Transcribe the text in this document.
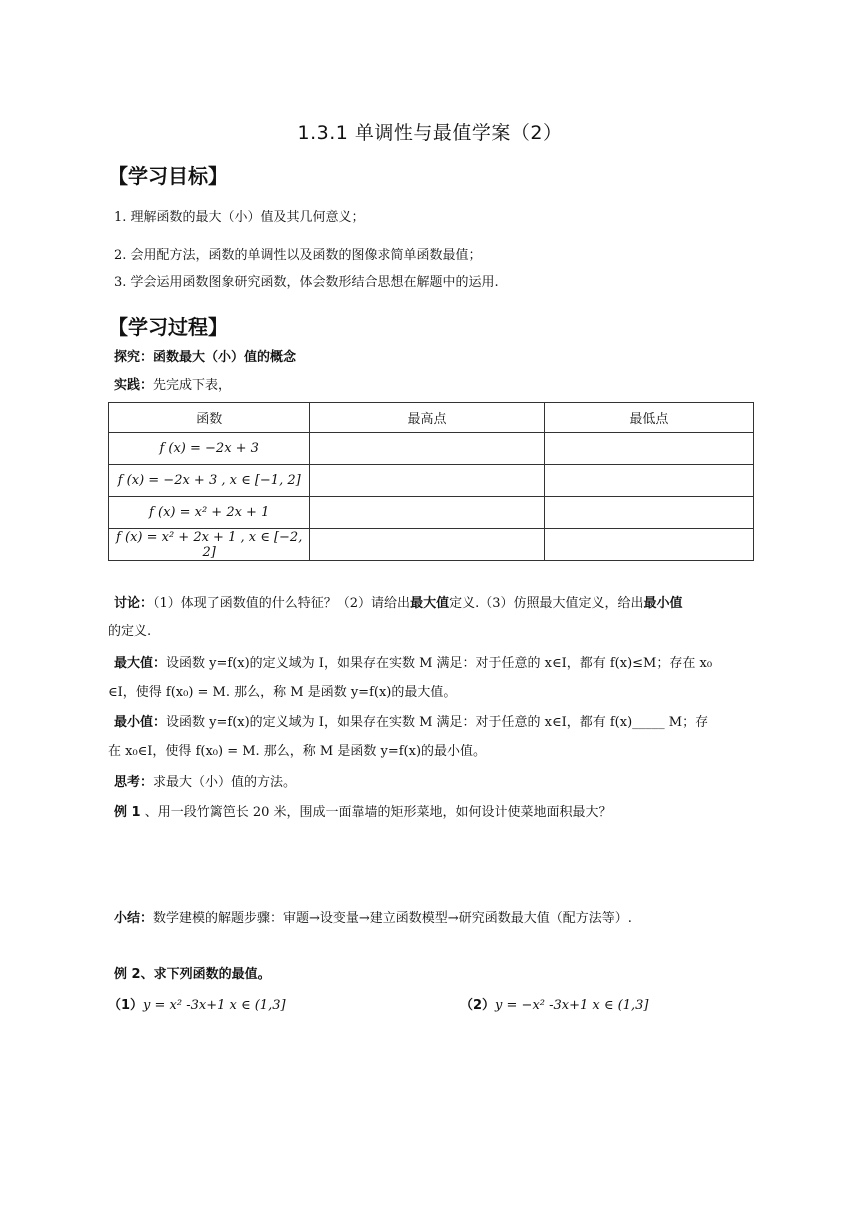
1.3.1 单调性与最值学案（2）
【学习目标】
1. 理解函数的最大（小）值及其几何意义；
2. 会用配方法，函数的单调性以及函数的图像求简单函数最值；
3. 学会运用函数图象研究函数，体会数形结合思想在解题中的运用.
【学习过程】
探究：函数最大（小）值的概念
实践：先完成下表，
函数	最高点	最低点
f (x) = −2x + 3		
f (x) = −2x + 3 , x ∈ [−1, 2]		
f (x) = x² + 2x + 1		
f (x) = x² + 2x + 1 , x ∈ [−2, 2]		
讨论：（1）体现了函数值的什么特征？（2）请给出最大值定义.（3）仿照最大值定义，给出最小值
的定义.
最大值：设函数 y=f(x)的定义域为 I，如果存在实数 M 满足：对于任意的 x∈I，都有 f(x)≤M；存在 x₀
∈I，使得 f(x₀) = M. 那么，称 M 是函数 y=f(x)的最大值。
最小值：设函数 y=f(x)的定义域为 I，如果存在实数 M 满足：对于任意的 x∈I，都有 f(x)_____ M；存
在 x₀∈I，使得 f(x₀) = M. 那么，称 M 是函数 y=f(x)的最小值。
思考：求最大（小）值的方法。
例 1 、用一段竹篱笆长 20 米，围成一面靠墙的矩形菜地，如何设计使菜地面积最大？
小结：数学建模的解题步骤：审题→设变量→建立函数模型→研究函数最大值（配方法等）.
例 2、求下列函数的最值。
（1）y = x² -3x+1 x ∈ (1,3]	（2）y = −x² -3x+1 x ∈ (1,3]
